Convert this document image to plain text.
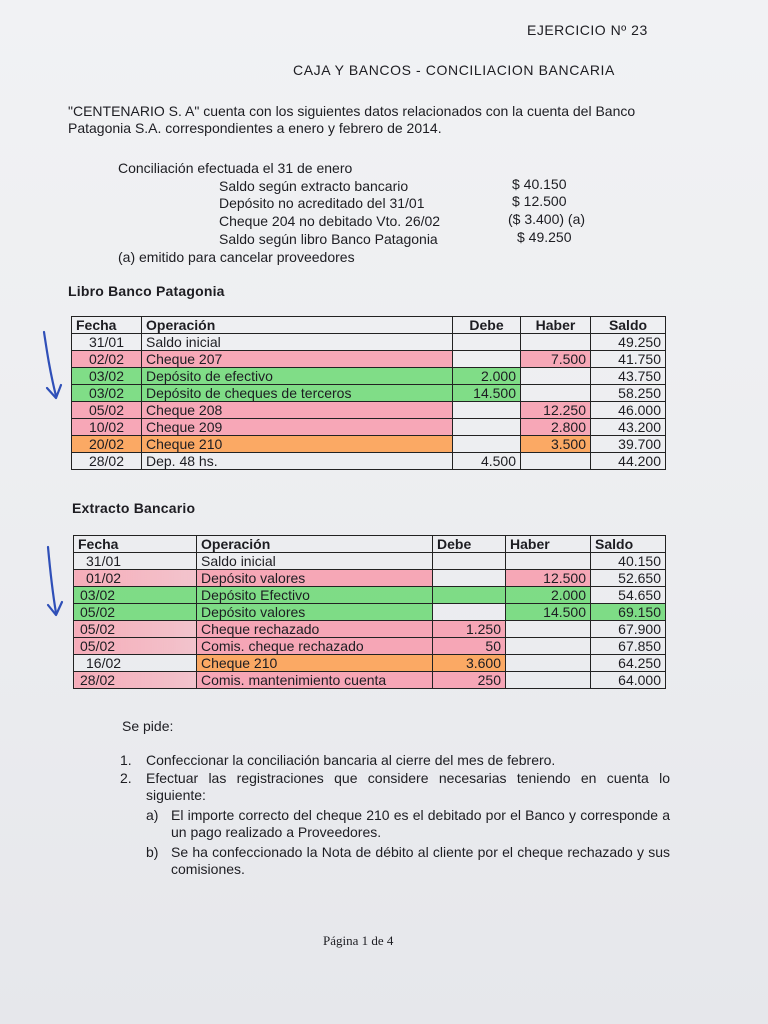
EJERCICIO Nº 23
CAJA Y BANCOS - CONCILIACION BANCARIA
"CENTENARIO S. A" cuenta con los siguientes datos relacionados con la cuenta del Banco Patagonia S.A. correspondientes a enero y febrero de 2014.
Conciliación efectuada el 31 de enero
Saldo según extracto bancario	$ 40.150
Depósito no acreditado del 31/01	$ 12.500
Cheque 204 no debitado Vto. 26/02	($ 3.400) (a)
Saldo según libro Banco Patagonia	$ 49.250
(a) emitido para cancelar proveedores
Libro Banco Patagonia
Fecha	Operación	Debe	Haber	Saldo
31/01	Saldo inicial			49.250
02/02	Cheque 207		7.500	41.750
03/02	Depósito de efectivo	2.000		43.750
03/02	Depósito de cheques de terceros	14.500		58.250
05/02	Cheque 208		12.250	46.000
10/02	Cheque 209		2.800	43.200
20/02	Cheque 210		3.500	39.700
28/02	Dep. 48 hs.	4.500		44.200
Extracto Bancario
Fecha	Operación	Debe	Haber	Saldo
31/01	Saldo inicial			40.150
01/02	Depósito valores		12.500	52.650
03/02	Depósito Efectivo		2.000	54.650
05/02	Depósito valores		14.500	69.150
05/02	Cheque rechazado	1.250		67.900
05/02	Comis. cheque rechazado	50		67.850
16/02	Cheque 210	3.600		64.250
28/02	Comis. mantenimiento cuenta	250		64.000
Se pide:
1.	Confeccionar la conciliación bancaria al cierre del mes de febrero.
2.	Efectuar las registraciones que considere necesarias teniendo en cuenta lo siguiente:
a) El importe correcto del cheque 210 es el debitado por el Banco y corresponde a un pago realizado a Proveedores.
b) Se ha confeccionado la Nota de débito al cliente por el cheque rechazado y sus comisiones.
Página 1 de 4
